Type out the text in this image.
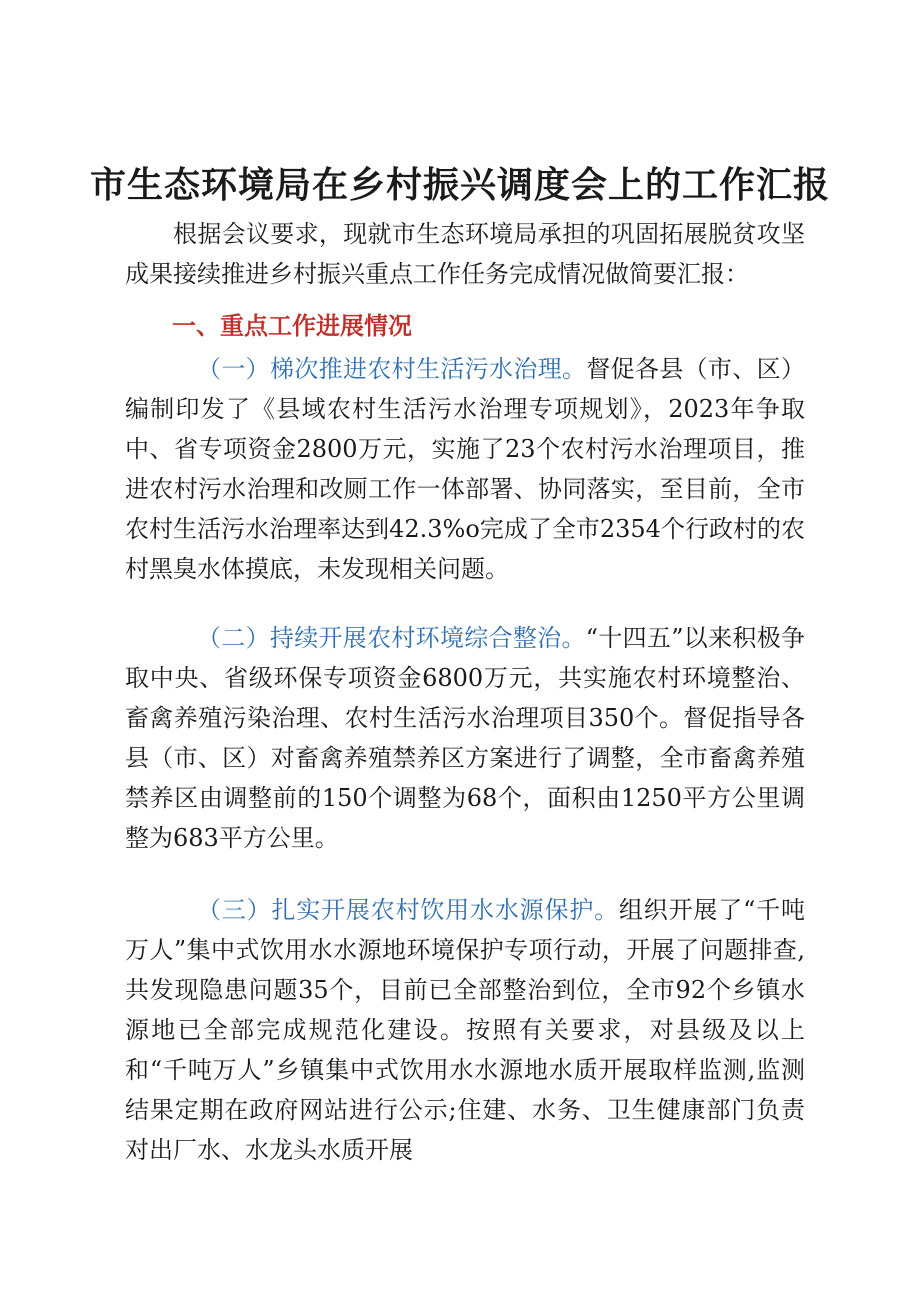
市生态环境局在乡村振兴调度会上的工作汇报

根据会议要求，现就市生态环境局承担的巩固拓展脱贫攻坚成果接续推进乡村振兴重点工作任务完成情况做简要汇报：

一、重点工作进展情况

（一）梯次推进农村生活污水治理。督促各县（市、区）编制印发了《县域农村生活污水治理专项规划》，2023年争取中、省专项资金2800万元，实施了23个农村污水治理项目，推进农村污水治理和改厕工作一体部署、协同落实，至目前，全市农村生活污水治理率达到42.3%o完成了全市2354个行政村的农村黑臭水体摸底，未发现相关问题。

（二）持续开展农村环境综合整治。“十四五”以来积极争取中央、省级环保专项资金6800万元，共实施农村环境整治、畜禽养殖污染治理、农村生活污水治理项目350个。督促指导各县（市、区）对畜禽养殖禁养区方案进行了调整，全市畜禽养殖禁养区由调整前的150个调整为68个，面积由1250平方公里调整为683平方公里。

（三）扎实开展农村饮用水水源保护。组织开展了“千吨万人”集中式饮用水水源地环境保护专项行动，开展了问题排查,共发现隐患问题35个，目前已全部整治到位，全市92个乡镇水源地已全部完成规范化建设。按照有关要求，对县级及以上和“千吨万人”乡镇集中式饮用水水源地水质开展取样监测,监测结果定期在政府网站进行公示;住建、水务、卫生健康部门负责对出厂水、水龙头水质开展
